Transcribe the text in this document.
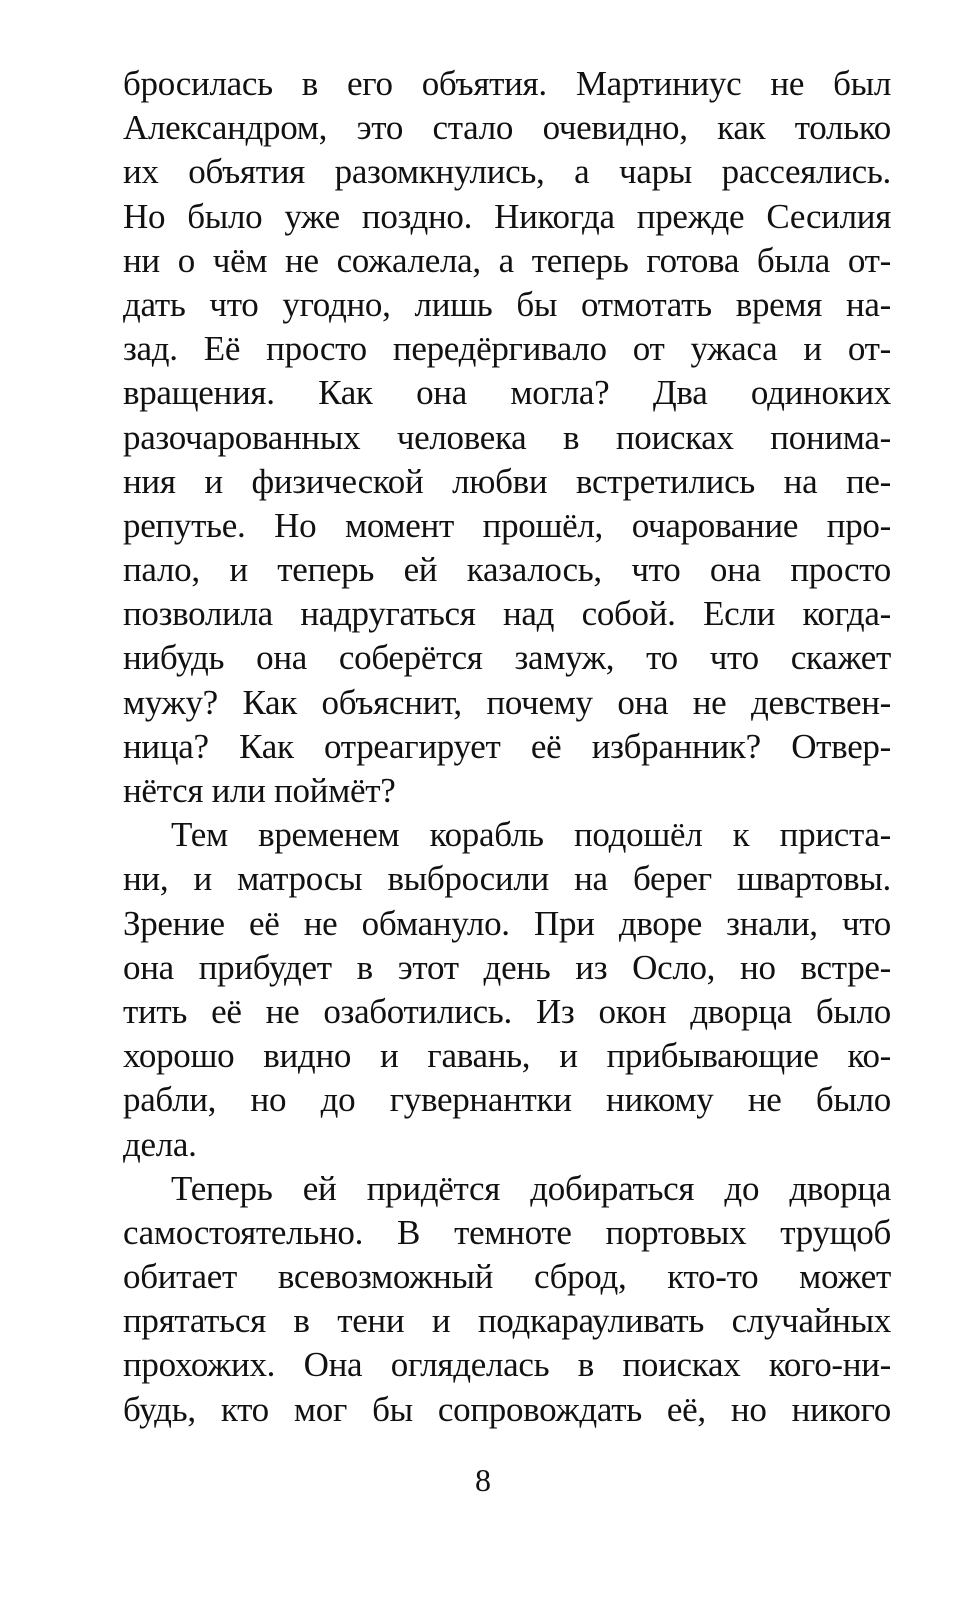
бросилась в его объятия. Мартиниус не был
Александром, это стало очевидно, как только
их объятия разомкнулись, а чары рассеялись.
Но было уже поздно. Никогда прежде Сесилия
ни о чём не сожалела, а теперь готова была от-
дать что угодно, лишь бы отмотать время на-
зад. Её просто передёргивало от ужаса и от-
вращения. Как она могла? Два одиноких
разочарованных человека в поисках понима-
ния и физической любви встретились на пе-
репутье. Но момент прошёл, очарование про-
пало, и теперь ей казалось, что она просто
позволила надругаться над собой. Если когда-
нибудь она соберётся замуж, то что скажет
мужу? Как объяснит, почему она не девствен-
ница? Как отреагирует её избранник? Отвер-
нётся или поймёт?
Тем временем корабль подошёл к приста-
ни, и матросы выбросили на берег швартовы.
Зрение её не обмануло. При дворе знали, что
она прибудет в этот день из Осло, но встре-
тить её не озаботились. Из окон дворца было
хорошо видно и гавань, и прибывающие ко-
рабли, но до гувернантки никому не было
дела.
Теперь ей придётся добираться до дворца
самостоятельно. В темноте портовых трущоб
обитает всевозможный сброд, кто-то может
прятаться в тени и подкарауливать случайных
прохожих. Она огляделась в поисках кого-ни-
будь, кто мог бы сопровождать её, но никого
8
